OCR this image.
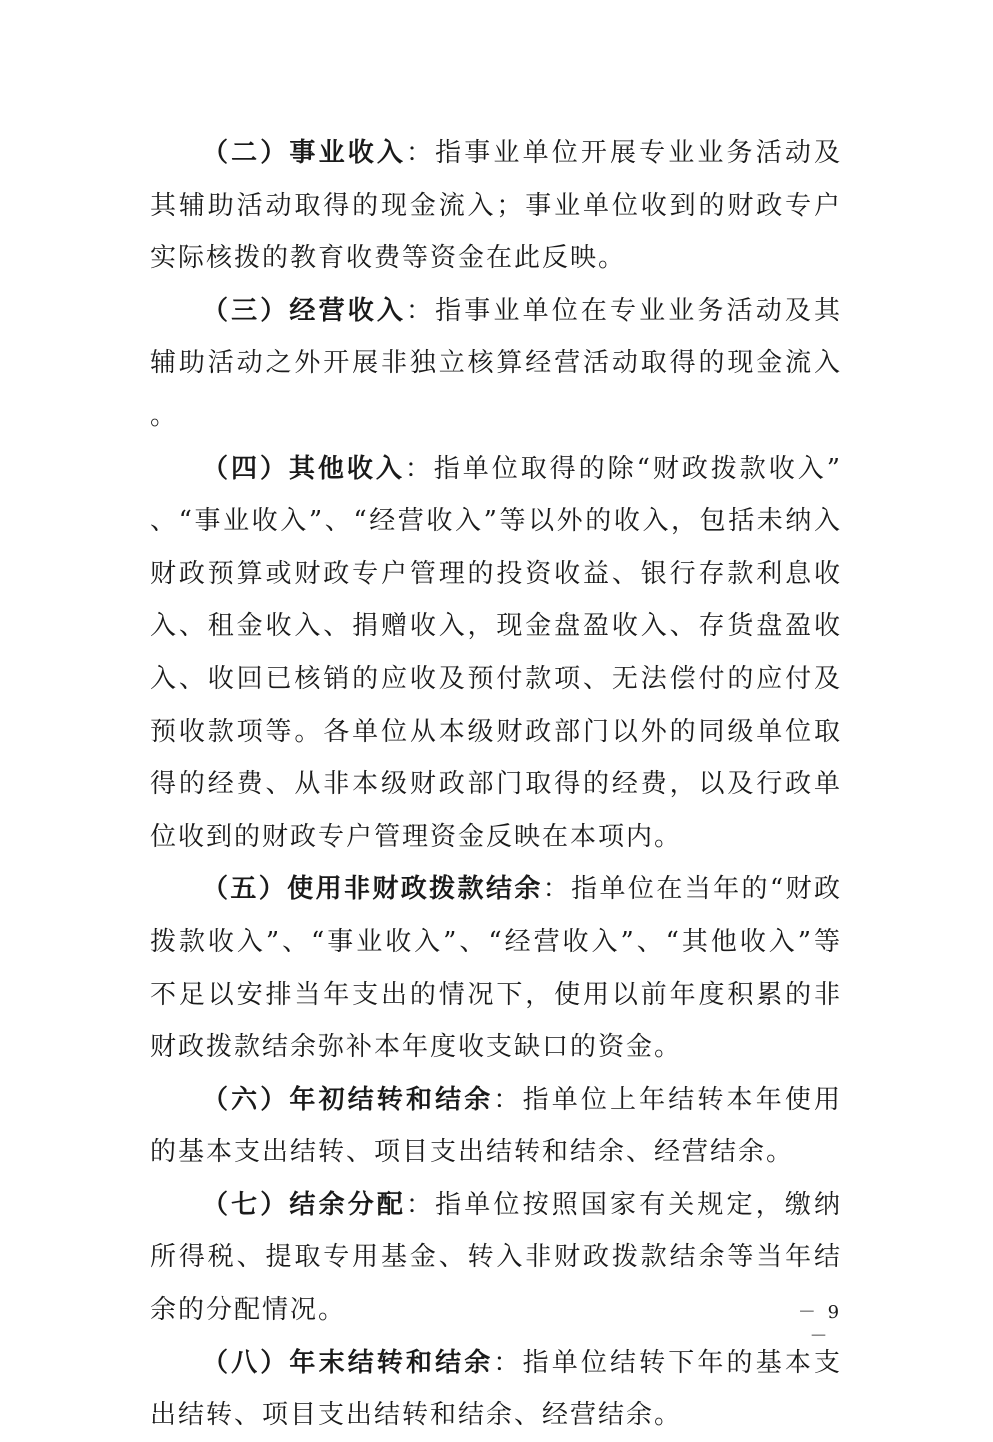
（二）事业收入：指事业单位开展专业业务活动及其辅助活动取得的现金流入；事业单位收到的财政专户实际核拨的教育收费等资金在此反映。

（三）经营收入：指事业单位在专业业务活动及其辅助活动之外开展非独立核算经营活动取得的现金流入。

（四）其他收入：指单位取得的除“财政拨款收入”、“事业收入”、“经营收入”等以外的收入，包括未纳入财政预算或财政专户管理的投资收益、银行存款利息收入、租金收入、捐赠收入，现金盘盈收入、存货盘盈收入、收回已核销的应收及预付款项、无法偿付的应付及预收款项等。各单位从本级财政部门以外的同级单位取得的经费、从非本级财政部门取得的经费，以及行政单位收到的财政专户管理资金反映在本项内。

（五）使用非财政拨款结余：指单位在当年的“财政拨款收入”、“事业收入”、“经营收入”、“其他收入”等不足以安排当年支出的情况下，使用以前年度积累的非财政拨款结余弥补本年度收支缺口的资金。

（六）年初结转和结余：指单位上年结转本年使用的基本支出结转、项目支出结转和结余、经营结余。

（七）结余分配：指单位按照国家有关规定，缴纳所得税、提取专用基金、转入非财政拨款结余等当年结余的分配情况。

（八）年末结转和结余：指单位结转下年的基本支出结转、项目支出结转和结余、经营结余。

－ 9 －
